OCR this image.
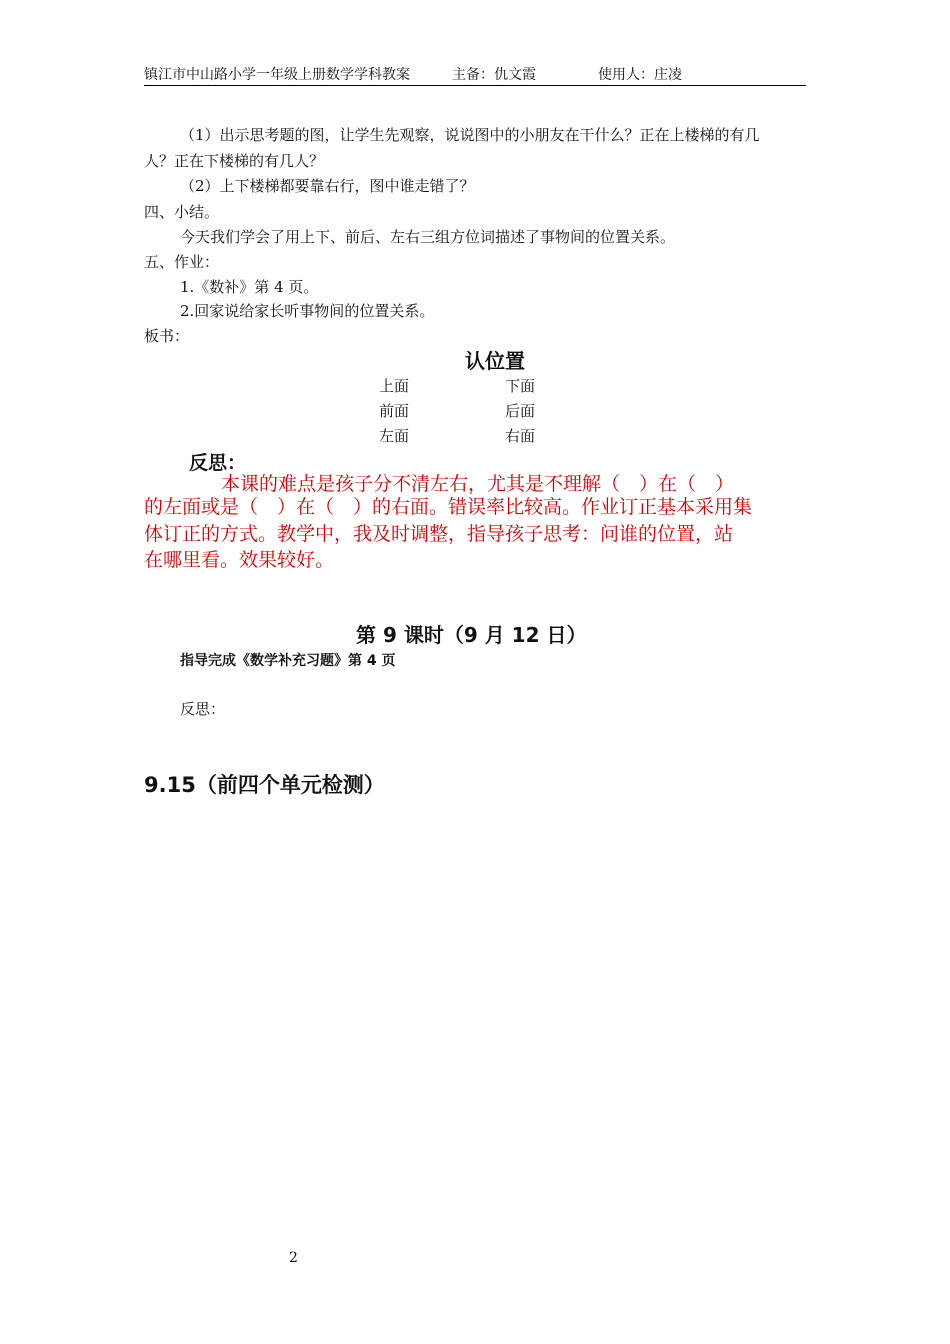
镇江市中山路小学一年级上册数学学科教案	主备：仇文霞	使用人：庄凌
（1）出示思考题的图，让学生先观察，说说图中的小朋友在干什么？正在上楼梯的有几
人？正在下楼梯的有几人？
（2）上下楼梯都要靠右行，图中谁走错了？
四、小结。
今天我们学会了用上下、前后、左右三组方位词描述了事物间的位置关系。
五、作业：
1.《数补》第 4 页。
2.回家说给家长听事物间的位置关系。
板书：
认位置
上面	下面
前面	后面
左面	右面
反思：
本课的难点是孩子分不清左右，尤其是不理解（　）在（　）
的左面或是（　）在（　）的右面。错误率比较高。作业订正基本采用集
体订正的方式。教学中，我及时调整，指导孩子思考：问谁的位置，站
在哪里看。效果较好。
第 9 课时（9 月 12 日）
指导完成《数学补充习题》第 4 页
反思：
9.15（前四个单元检测）
2
